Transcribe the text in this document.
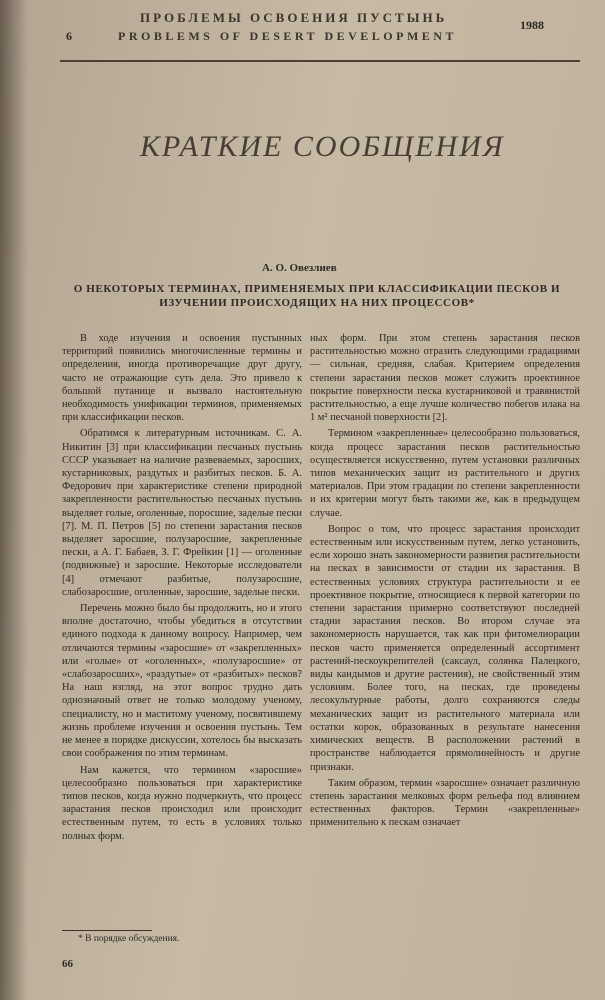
6
ПРОБЛЕМЫ ОСВОЕНИЯ ПУСТЫНЬ
PROBLEMS OF DESERT DEVELOPMENT
1988
КРАТКИЕ СООБЩЕНИЯ
А. О. Овезлиев
О НЕКОТОРЫХ ТЕРМИНАХ, ПРИМЕНЯЕМЫХ ПРИ КЛАССИФИКАЦИИ ПЕСКОВ И ИЗУЧЕНИИ ПРОИСХОДЯЩИХ НА НИХ ПРОЦЕССОВ*

В ходе изучения и освоения пустынных территорий появились многочисленные термины и определения, иногда противоречащие друг другу, часто не отражающие суть дела. Это привело к большой путанице и вызвало настоятельную необходимость унификации терминов, применяемых при классификации песков.

Обратимся к литературным источникам. С. А. Никитин [3] при классификации песчаных пустынь СССР указывает на наличие развеваемых, заросших, кустарниковых, раздутых и разбитых песков. Б. А. Федорович при характеристике степени природной закрепленности растительностью песчаных пустынь выделяет голые, оголенные, поросшие, заделые пески [7]. М. П. Петров [5] по степени зарастания песков выделяет заросшие, полузаросшие, закрепленные пески, а А. Г. Бабаев, З. Г. Фрейкин [1] — оголенные (подвижные) и заросшие. Некоторые исследователи [4] отмечают разбитые, полузаросшие, слабозаросшие, оголенные, заросшие, заделые пески.

Перечень можно было бы продолжить, но и этого вполне достаточно, чтобы убедиться в отсутствии единого подхода к данному вопросу. Например, чем отличаются термины «заросшие» от «закрепленных» или «голые» от «оголенных», «полузаросшие» от «слабозаросших», «раздутые» от «разбитых» песков? На наш взгляд, на этот вопрос трудно дать однозначный ответ не только молодому ученому, специалисту, но и маститому ученому, посвятившему жизнь проблеме изучения и освоения пустынь. Тем не менее в порядке дискуссии, хотелось бы высказать свои соображения по этим терминам.

Нам кажется, что термином «заросшие» целесообразно пользоваться при характеристике типов песков, когда нужно подчеркнуть, что процесс зарастания песков происходил или происходит естественным путем, то есть в условиях только полных форм.

ных форм. При этом степень зарастания песков растительностью можно отразить следующими градациями — сильная, средняя, слабая. Критерием определения степени зарастания песков может служить проективное покрытие поверхности песка кустарниковой и травянистой растительностью, а еще лучше количество побегов илака на 1 м² песчаной поверхности [2].

Термином «закрепленные» целесообразно пользоваться, когда процесс зарастания песков растительностью осуществляется искусственно, путем установки различных типов механических защит из растительного и других материалов. При этом градации по степени закрепленности и их критерии могут быть такими же, как в предыдущем случае.

Вопрос о том, что процесс зарастания происходит естественным или искусственным путем, легко установить, если хорошо знать закономерности развития растительности на песках в зависимости от стадии их зарастания. В естественных условиях структура растительности и ее проективное покрытие, относящиеся к первой категории по степени зарастания примерно соответствуют последней стадии зарастания песков. Во втором случае эта закономерность нарушается, так как при фитомелиорации песков часто применяется определенный ассортимент растений-пескоукрепителей (саксаул, солянка Палецкого, виды кандымов и другие растения), не свойственный этим условиям. Более того, на песках, где проведены лесокультурные работы, долго сохраняются следы механических защит из растительного материала или остатки корок, образованных в результате нанесения химических веществ. В расположении растений в пространстве наблюдается прямолинейность и другие признаки.

Таким образом, термин «заросшие» означает различную степень зарастания мелковых форм рельефа под влиянием естественных факторов. Термин «закрепленные» применительно к пескам означает

* В порядке обсуждения.
66
